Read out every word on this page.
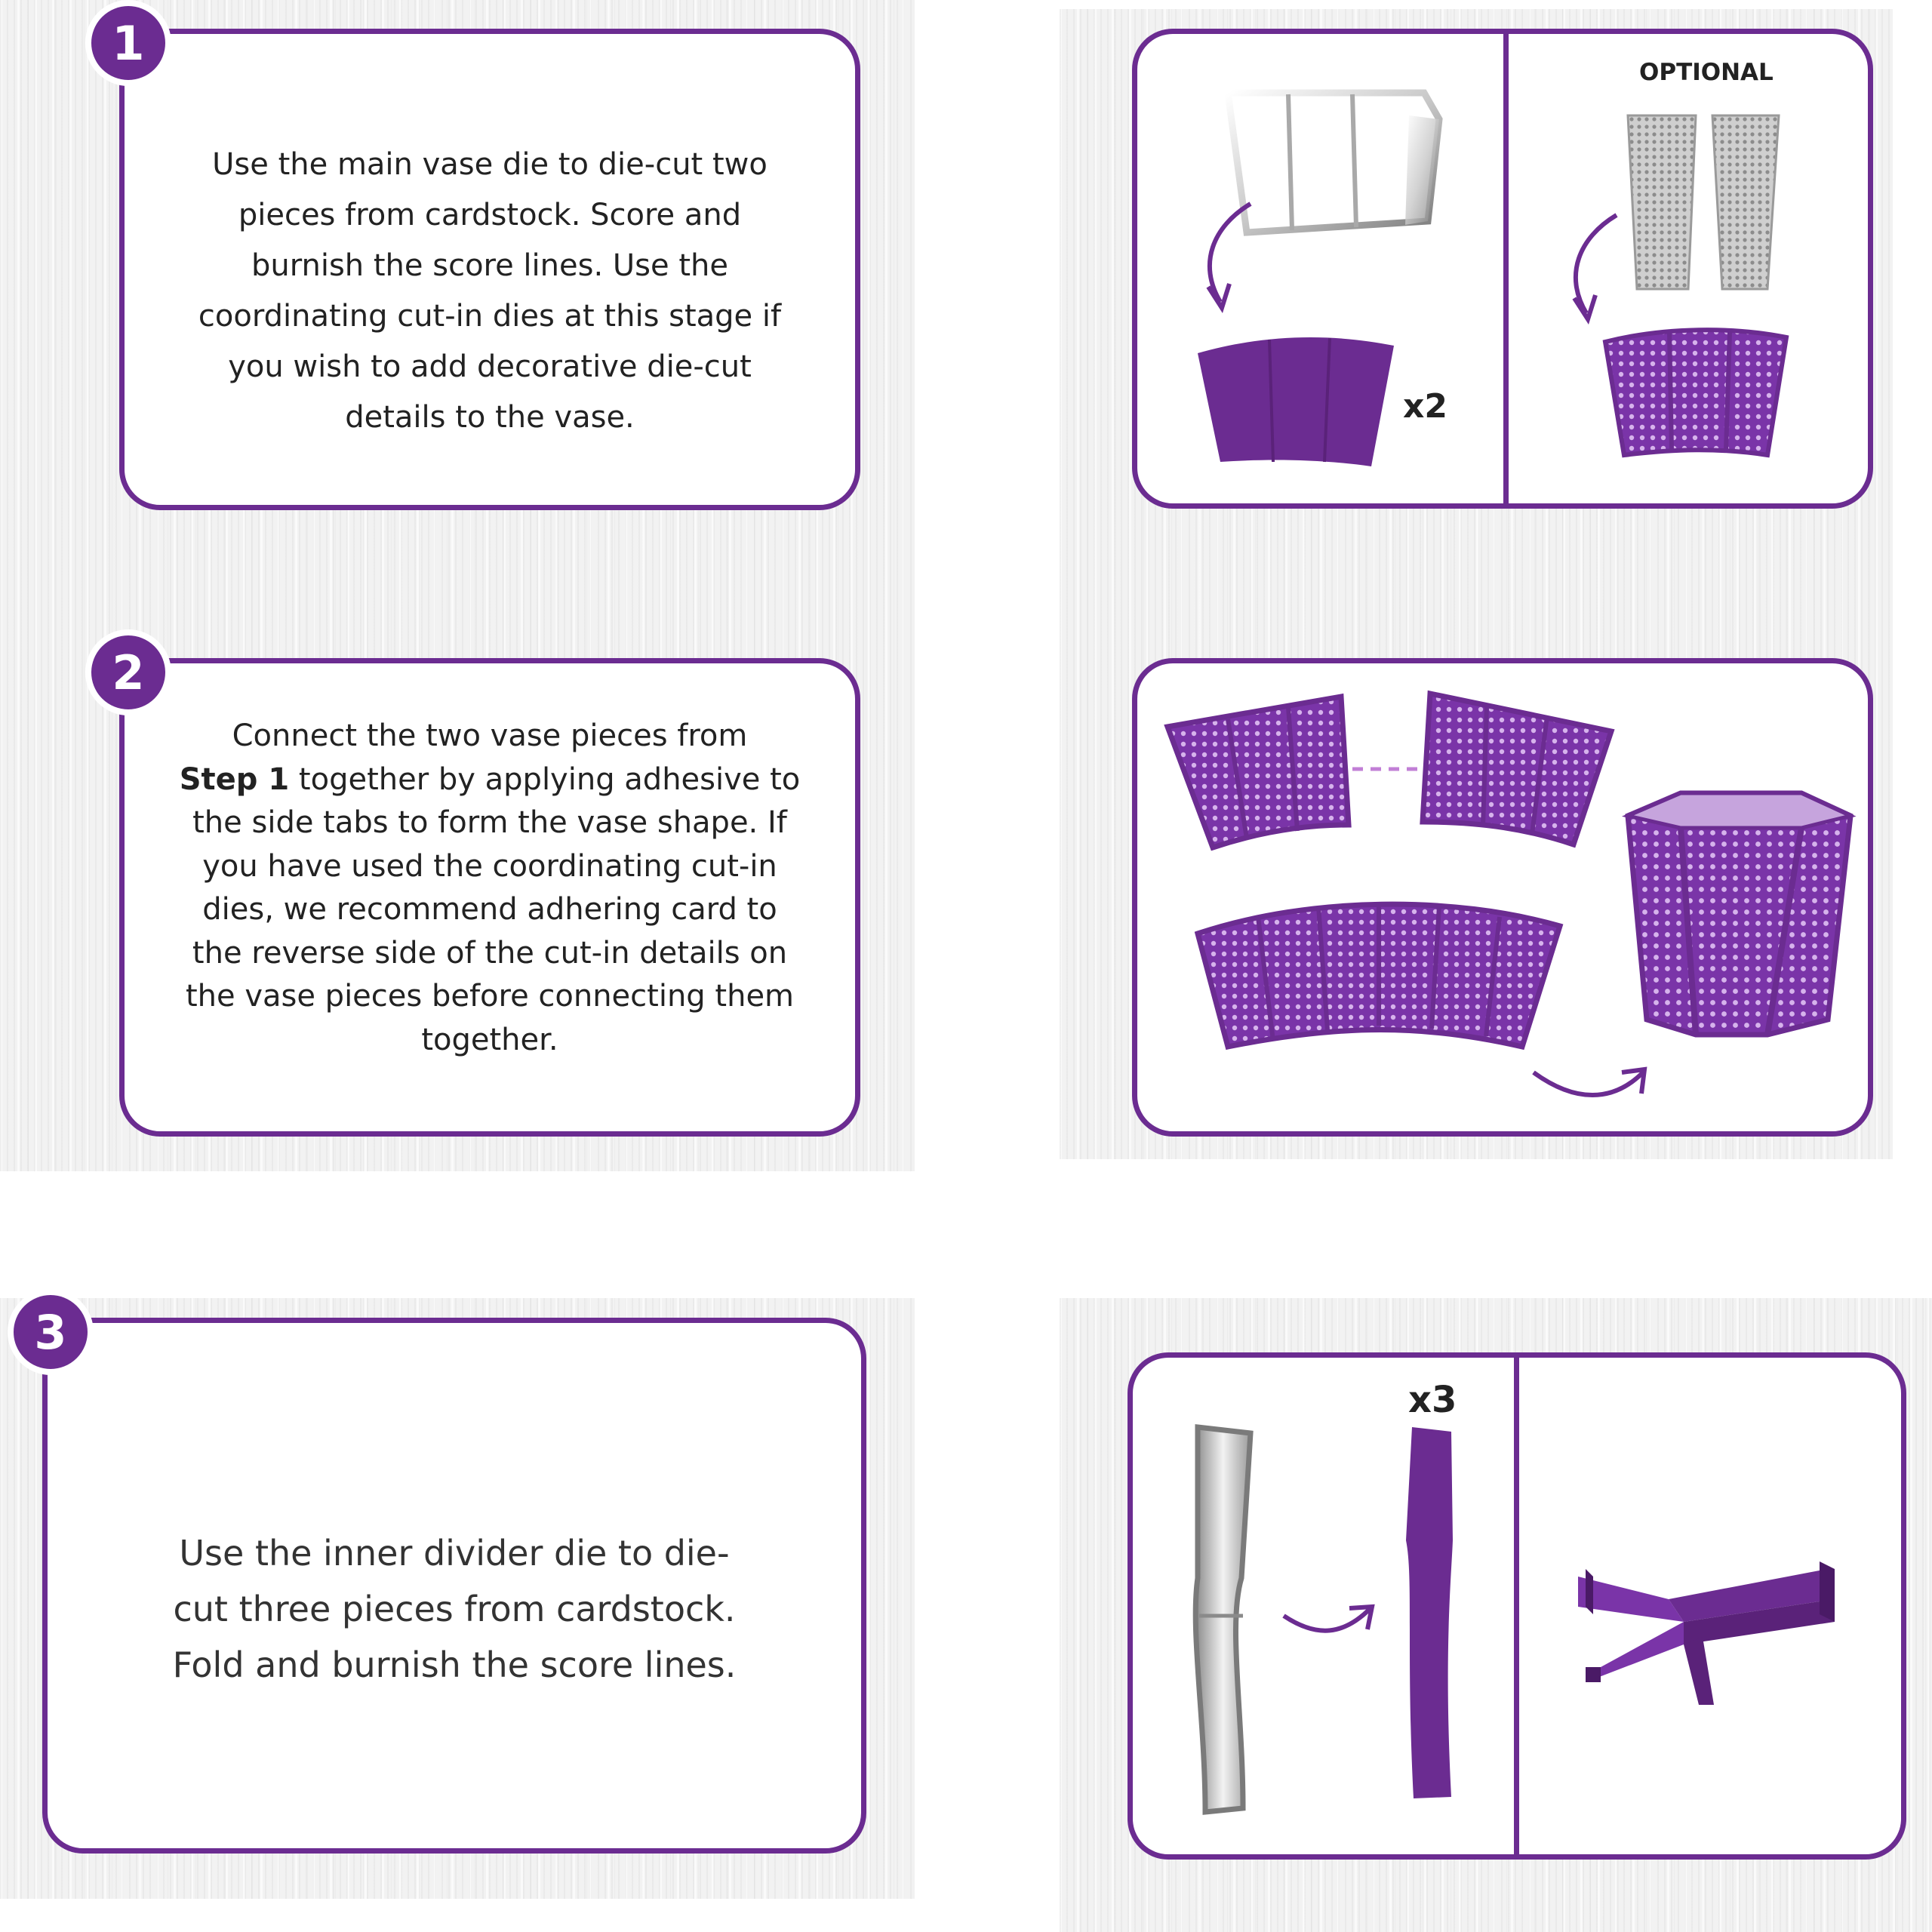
Use the main vase die to die-cut two pieces from cardstock. Score and burnish the score lines. Use the coordinating cut-in dies at this stage if you wish to add decorative die-cut details to the vase.

1

Connect the two vase pieces from
Step 1 together by applying adhesive to the side tabs to form the vase shape. If you have used the coordinating cut-in dies, we recommend adhering card to the reverse side of the cut-in details on the vase pieces before connecting them together.

2

Use the inner divider die to die-cut three pieces from cardstock. Fold and burnish the score lines.

3
x2
OPTIONAL
x3
